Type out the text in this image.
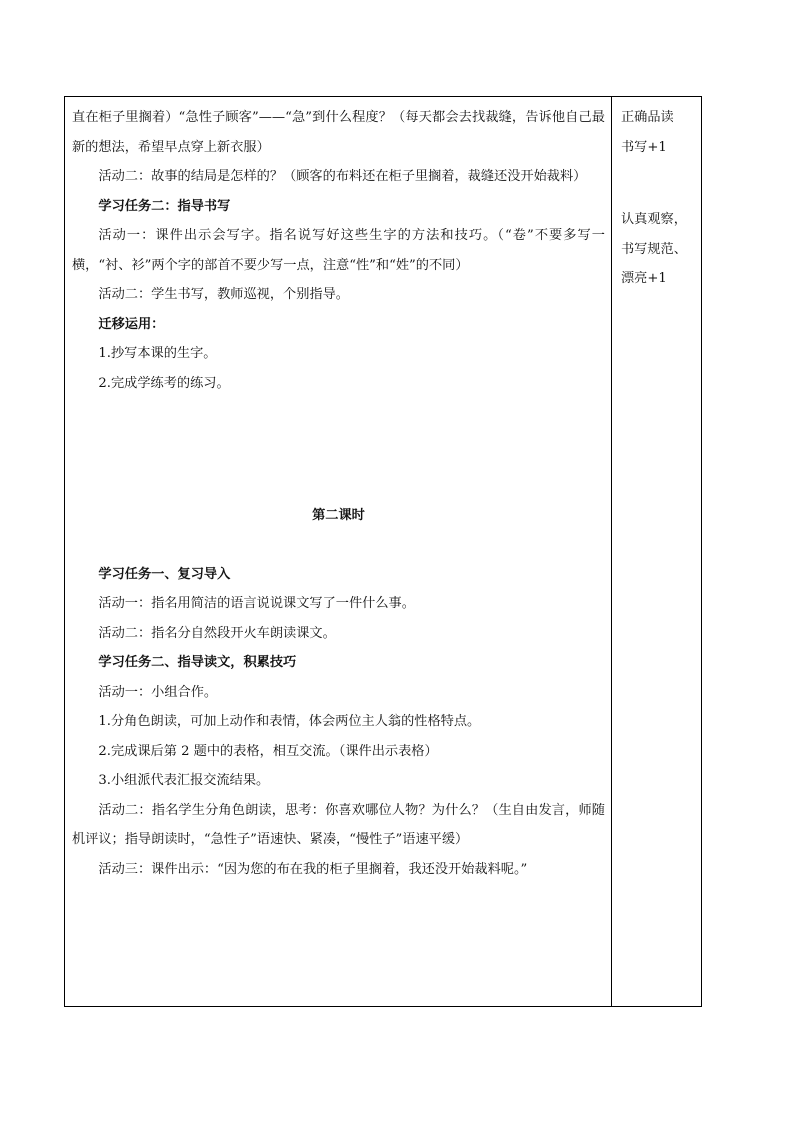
直在柜子里搁着）“急性子顾客”——“急”到什么程度？（每天都会去找裁缝，告诉他自己最新的想法，希望早点穿上新衣服）

活动二：故事的结局是怎样的？（顾客的布料还在柜子里搁着，裁缝还没开始裁料）

学习任务二：指导书写

活动一：课件出示会写字。指名说写好这些生字的方法和技巧。（“卷”不要多写一横，“衬、衫”两个字的部首不要少写一点，注意“性”和“姓”的不同）

活动二：学生书写，教师巡视，个别指导。

迁移运用：

1.抄写本课的生字。

2.完成学练考的练习。

第二课时

学习任务一、复习导入

活动一：指名用简洁的语言说说课文写了一件什么事。

活动二：指名分自然段开火车朗读课文。

学习任务二、指导读文，积累技巧

活动一：小组合作。

1.分角色朗读，可加上动作和表情，体会两位主人翁的性格特点。

2.完成课后第 2 题中的表格，相互交流。（课件出示表格）

3.小组派代表汇报交流结果。

活动二：指名学生分角色朗读，思考：你喜欢哪位人物？为什么？（生自由发言，师随机评议；指导朗读时，“急性子”语速快、紧凑，“慢性子”语速平缓）

活动三：课件出示：“因为您的布在我的柜子里搁着，我还没开始裁料呢。”

正确品读

书写+1

认真观察，

书写规范、

漂亮+1
